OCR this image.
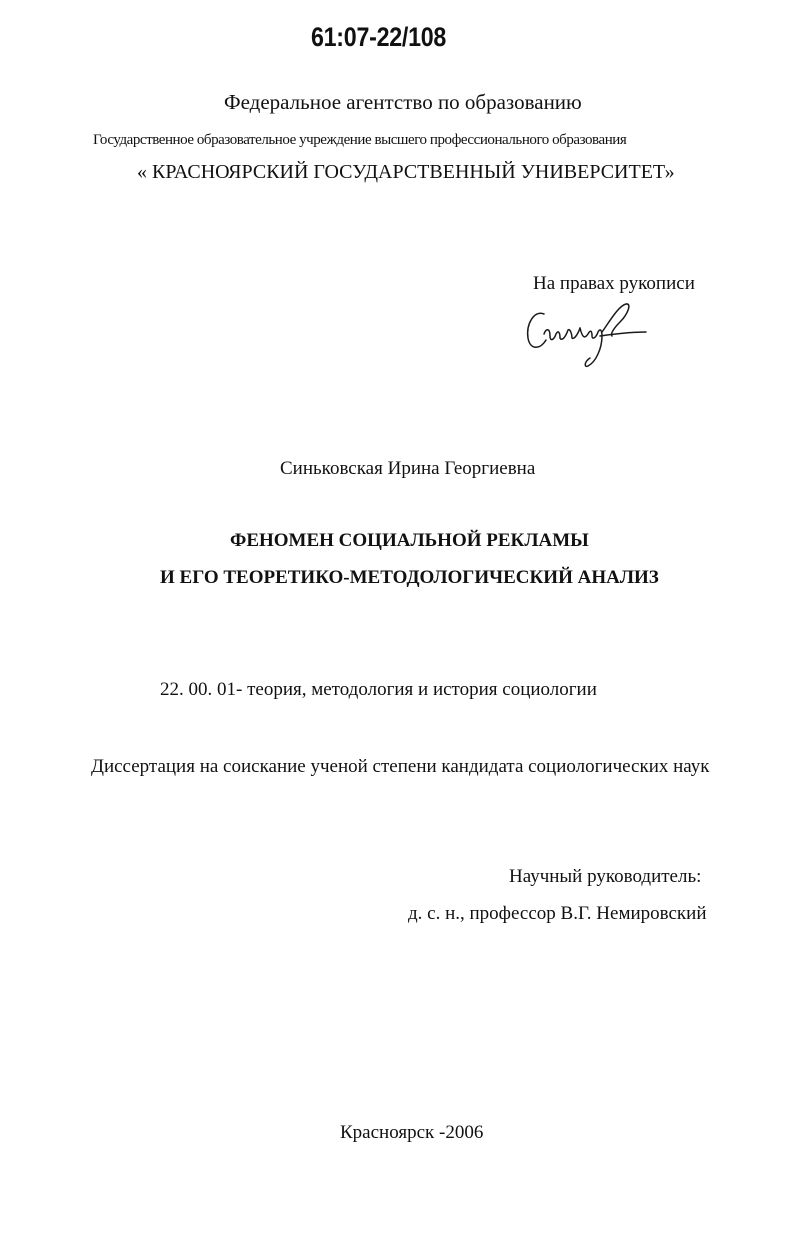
61:07-22/108
Федеральное агентство по образованию
Государственное образовательное учреждение высшего профессионального образования
« КРАСНОЯРСКИЙ ГОСУДАРСТВЕННЫЙ УНИВЕРСИТЕТ»
На правах рукописи
Синьковская Ирина Георгиевна
ФЕНОМЕН СОЦИАЛЬНОЙ РЕКЛАМЫ
И ЕГО ТЕОРЕТИКО-МЕТОДОЛОГИЧЕСКИЙ АНАЛИЗ
22. 00. 01- теория, методология и история социологии
Диссертация на соискание ученой степени кандидата социологических наук
Научный руководитель:
д. с. н., профессор В.Г. Немировский
Красноярск -2006
